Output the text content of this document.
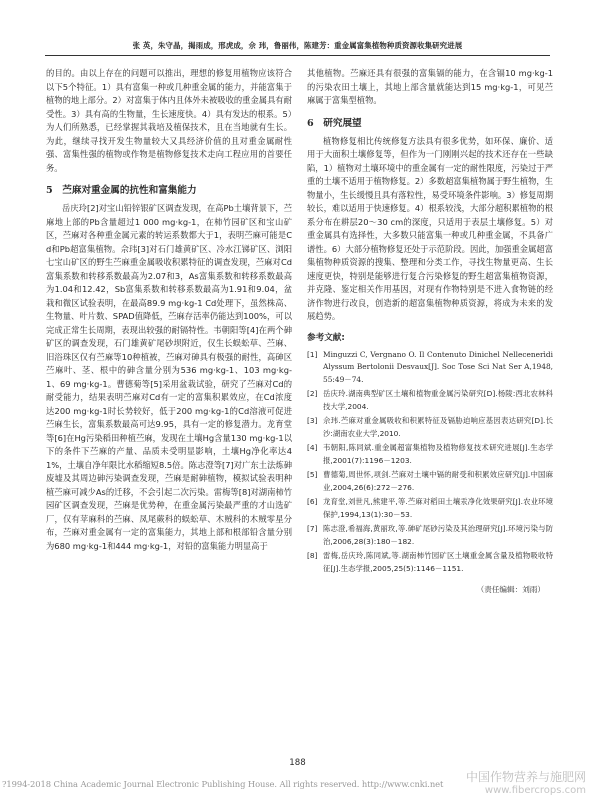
张 英，朱守晶，揭雨成，邢虎成，佘 玮，鲁丽伟，陈建芳：重金属富集植物种质资源收集研究进展

的目的。由以上存在的问题可以推出，理想的修复用植物应该符合以下5个特征。1）具有富集一种或几种重金属的能力，并能富集于植物的地上部分。2）对富集于体内且体外未被吸收的重金属具有耐受性。3）具有高的生物量，生长速度快。4）具有发达的根系。5）为人们所熟悉，已经掌握其栽培及植保技术，且在当地就有生长。为此，继续寻找开发生物量较大又具经济价值的且对重金属耐性强、富集性强的植物或作物是植物修复技术走向工程应用的首要任务。

5　苎麻对重金属的抗性和富集能力

岳庆玲[2]对宝山铅锌银矿区调查发现，在高Pb土壤背景下，苎麻地上部的Pb含量超过1 000 mg·kg-1，在柿竹园矿区和宝山矿区，苎麻对各种重金属元素的转运系数都大于1，表明苎麻可能是Cd和Pb超富集植物。佘玮[3]对石门雄黄矿区、冷水江锑矿区、浏阳七宝山矿区的野生苎麻重金属吸收积累特征的调查发现，苎麻对Cd富集系数和转移系数最高为2.07和3，As富集系数和转移系数最高为1.04和12.42，Sb富集系数和转移系数最高为1.91和9.04，盆栽和微区试验表明，在最高89.9 mg·kg-1 Cd处理下，虽然株高、生物量、叶片数、SPAD值降低，苎麻存活率仍能达到100%，可以完成正常生长周期，表现出较强的耐镉特性。韦朝阳等[4]在两个砷矿区的调查发现，石门雄黄矿尾砂坝附近，仅生长蜈蚣草、苎麻、旧浴珠区仅有苎麻等10种植被，苎麻对砷具有极强的耐性，高砷区苎麻叶、茎、根中的砷含量分别为536 mg·kg-1、103 mg·kg-1、69 mg·kg-1。曹德菊等[5]采用盆栽试验，研究了苎麻对Cd的耐受能力，结果表明苎麻对Cd有一定的富集积累效应，在Cd浓度达200 mg·kg-1时长势较好，低于200 mg·kg-1的Cd溶液可促进苎麻生长，富集系数最高可达9.95，具有一定的修复潜力。龙育堂等[6]在Hg污染稻田种植苎麻，发现在土壤Hg含量130 mg·kg-1以下的条件下苎麻的产量、品质未受明显影响，土壤Hg净化率达41%，土壤自净年限比水稻缩短8.5倍。陈志澄等[7]对广东土法炼砷废墟及其周边砷污染调查发现，苎麻是耐砷植物，模拟试验表明种植苎麻可减少As的迁移，不会引起二次污染。雷梅等[8]对湖南柿竹园矿区调查发现，苎麻是优势种，在重金属污染最严重的才山选矿厂，仅有苹麻科的苎麻、凤尾蕨科的蜈蚣草、木贼科的木贼零星分布，苎麻对重金属有一定的富集能力，其地上部和根部铅含量分别为680 mg·kg-1和444 mg·kg-1，对铅的富集能力明显高于

其他植物。苎麻还具有很强的富集镉的能力，在含镉10 mg·kg-1的污染农田土壤上，其地上部含量就能达到15 mg·kg-1，可见苎麻属于富集型植物。

6　研究展望

植物修复相比传统修复方法具有很多优势，如环保、廉价、适用于大面积土壤修复等，但作为一门刚刚兴起的技术还存在一些缺陷，1）植物对土壤环境中的重金属有一定的耐性限度，污染过于严重的土壤不适用于植物修复。2）多数超富集植物属于野生植物，生物量小，生长缓慢且具有落粒性，易受环境条件影响。3）修复周期较长，难以适用于快速修复。4）根系较浅，大部分超积累植物的根系分布在耕层20～30 cm的深度，只适用于表层土壤修复。5）对重金属具有选择性，大多数只能富集一种或几种重金属，不具备广谱性。6）大部分植物修复还处于示范阶段。因此，加强重金属超富集植物种质资源的搜集、整理和分类工作，寻找生物量更高、生长速度更快，特别是能够进行复合污染修复的野生超富集植物资源，并克隆、鉴定相关作用基因，对现有作物特别是不进入食物链的经济作物进行改良，创造新的超富集植物种质资源，将成为未来的发展趋势。

参考文献:
[1] Minguzzi C, Vergnano O. Il Contenuto Dinichel Nellecenerìdi Alyssum Bertolonii Desvaux[J]. Soc Tose Sci Nat Ser A,1948,55:49－74.
[2] 岳庆玲.湖南典型矿区土壤和植物重金属污染研究[D].杨陵:西北农林科技大学,2004.
[3] 佘玮.苎麻对重金属吸收和积累特征及镉胁迫响应基因表达研究[D].长沙:湖南农业大学,2010.
[4] 韦朝阳,陈同斌.重金属超富集植物及植物修复技术研究进展[J].生态学报,2001(7):1196－1203.
[5] 曹德菊,周世怀,项剑.苎麻对土壤中镉的耐受和积累效应研究[J].中国麻业,2004,26(6):272－276.
[6] 龙育堂,刘世凡,熊建平,等.苎麻对稻田土壤汞净化效果研究[J].农业环境保护,1994,13(1):30－53.
[7] 陈志澄,希福海,黄丽玫,等.砷矿尾砂污染及其治理研究[J].环境污染与防治,2006,28(3):180－182.
[8] 雷梅,岳庆玲,陈同斌,等.湖南柿竹园矿区土壤重金属含量及植物吸收特征[J].生态学报,2005,25(5):1146－1151.
（责任编辑：刘雨）
188
?1994-2018 China Academic Journal Electronic Publishing House. All rights reserved. http://www.cnki.net 中国作物营养与施肥网
www.fibercrops.com
